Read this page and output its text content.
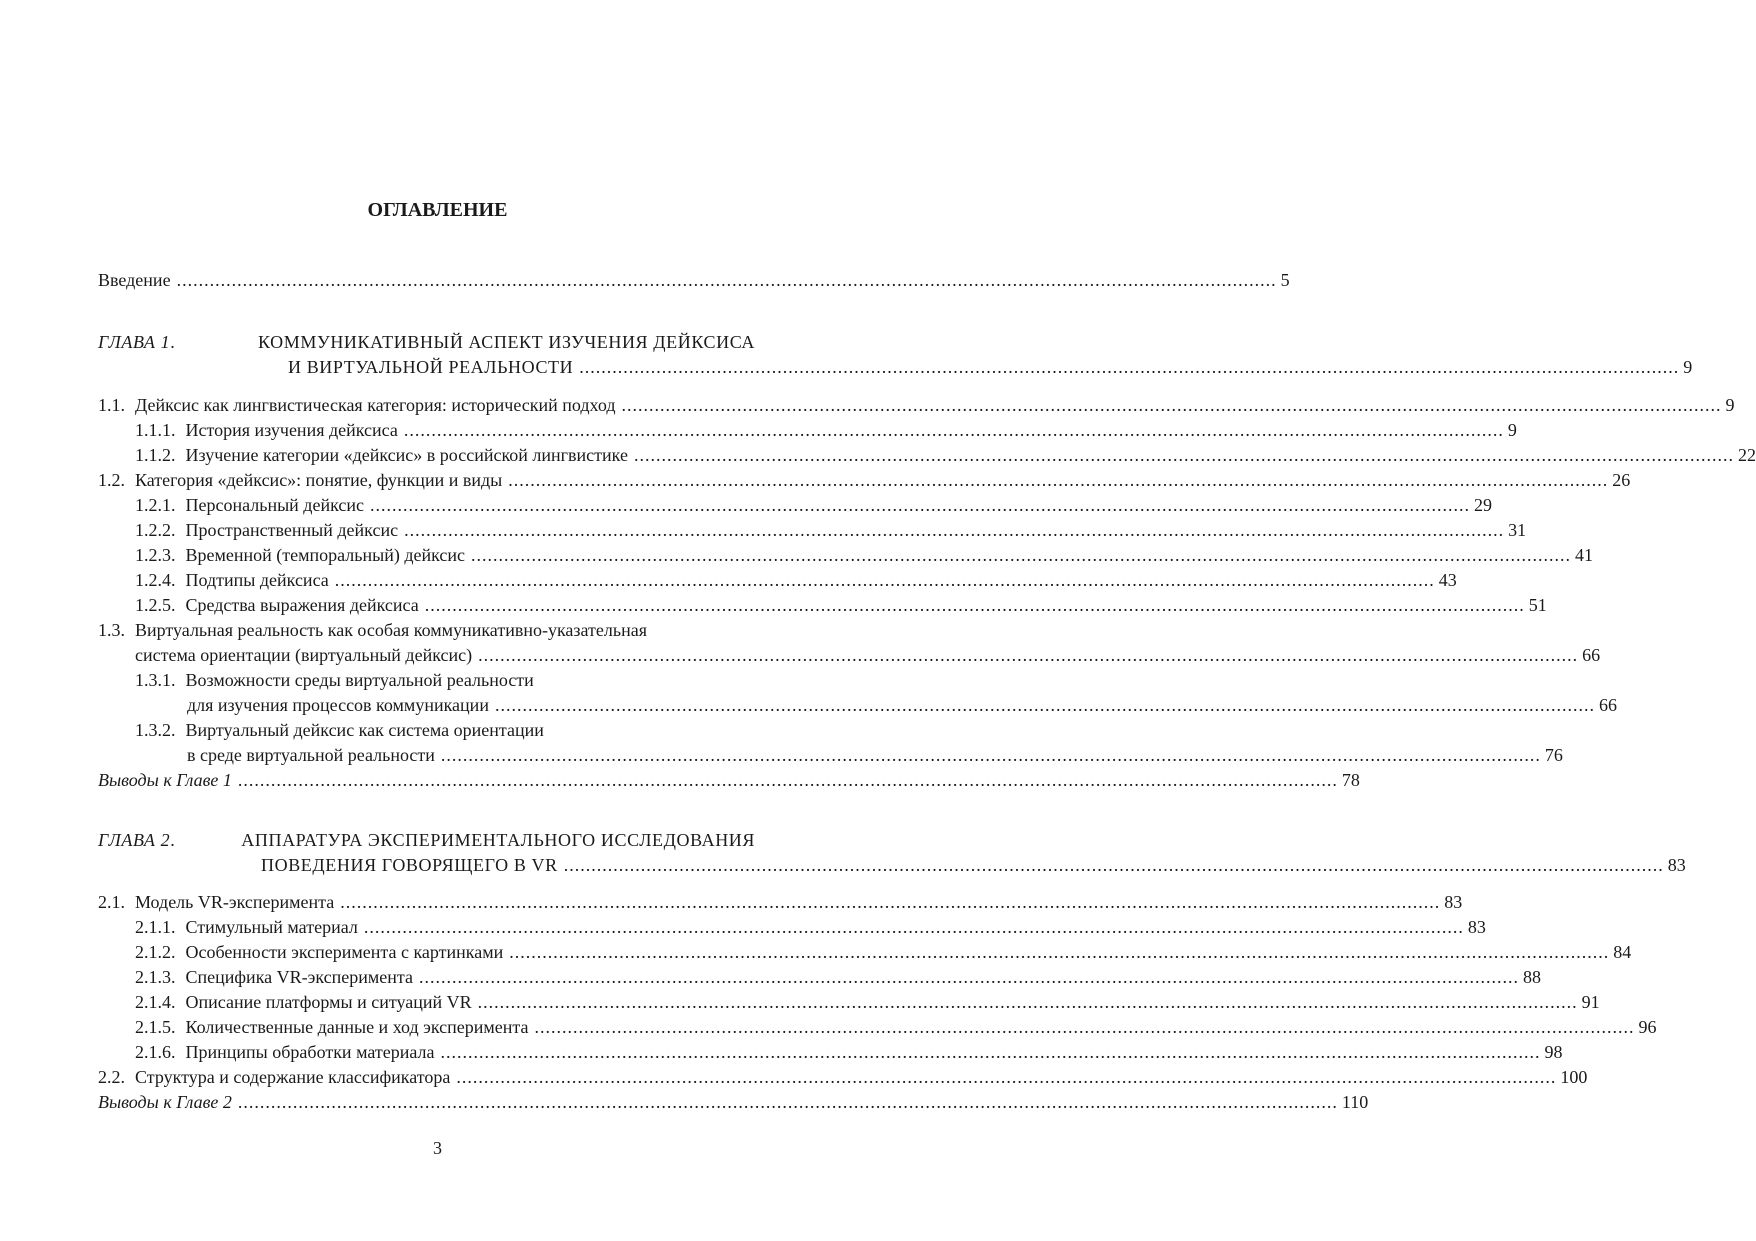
ОГЛАВЛЕНИЕ
Введение ........................................................................................................................................................................................................ 5
ГЛАВА 1.	КОММУНИКАТИВНЫЙ АСПЕКТ ИЗУЧЕНИЯ ДЕЙКСИСА
И ВИРТУАЛЬНОЙ РЕАЛЬНОСТИ ........................................................................................................................................................................................................ 9
1.1. Дейксис как лингвистическая категория: исторический подход ........................................................................................................................................................................................................ 9
1.1.1. История изучения дейксиса ........................................................................................................................................................................................................ 9
1.1.2. Изучение категории «дейксис» в российской лингвистике ........................................................................................................................................................................................................ 22
1.2. Категория «дейксис»: понятие, функции и виды ........................................................................................................................................................................................................ 26
1.2.1. Персональный дейксис ........................................................................................................................................................................................................ 29
1.2.2. Пространственный дейксис ........................................................................................................................................................................................................ 31
1.2.3. Временной (темпоральный) дейксис ........................................................................................................................................................................................................ 41
1.2.4. Подтипы дейксиса ........................................................................................................................................................................................................ 43
1.2.5. Средства выражения дейксиса ........................................................................................................................................................................................................ 51
1.3. Виртуальная реальность как особая коммуникативно-указательная
система ориентации (виртуальный дейксис) ........................................................................................................................................................................................................ 66
1.3.1. Возможности среды виртуальной реальности
для изучения процессов коммуникации ........................................................................................................................................................................................................ 66
1.3.2. Виртуальный дейксис как система ориентации
в среде виртуальной реальности ........................................................................................................................................................................................................ 76
Выводы к Главе 1 ........................................................................................................................................................................................................ 78
ГЛАВА 2.	АППАРАТУРА ЭКСПЕРИМЕНТАЛЬНОГО ИССЛЕДОВАНИЯ
ПОВЕДЕНИЯ ГОВОРЯЩЕГО В VR ........................................................................................................................................................................................................ 83
2.1. Модель VR-эксперимента ........................................................................................................................................................................................................ 83
2.1.1. Стимульный материал ........................................................................................................................................................................................................ 83
2.1.2. Особенности эксперимента с картинками ........................................................................................................................................................................................................ 84
2.1.3. Специфика VR-эксперимента ........................................................................................................................................................................................................ 88
2.1.4. Описание платформы и ситуаций VR ........................................................................................................................................................................................................ 91
2.1.5. Количественные данные и ход эксперимента ........................................................................................................................................................................................................ 96
2.1.6. Принципы обработки материала ........................................................................................................................................................................................................ 98
2.2. Структура и содержание классификатора ........................................................................................................................................................................................................ 100
Выводы к Главе 2 ........................................................................................................................................................................................................ 110
3
